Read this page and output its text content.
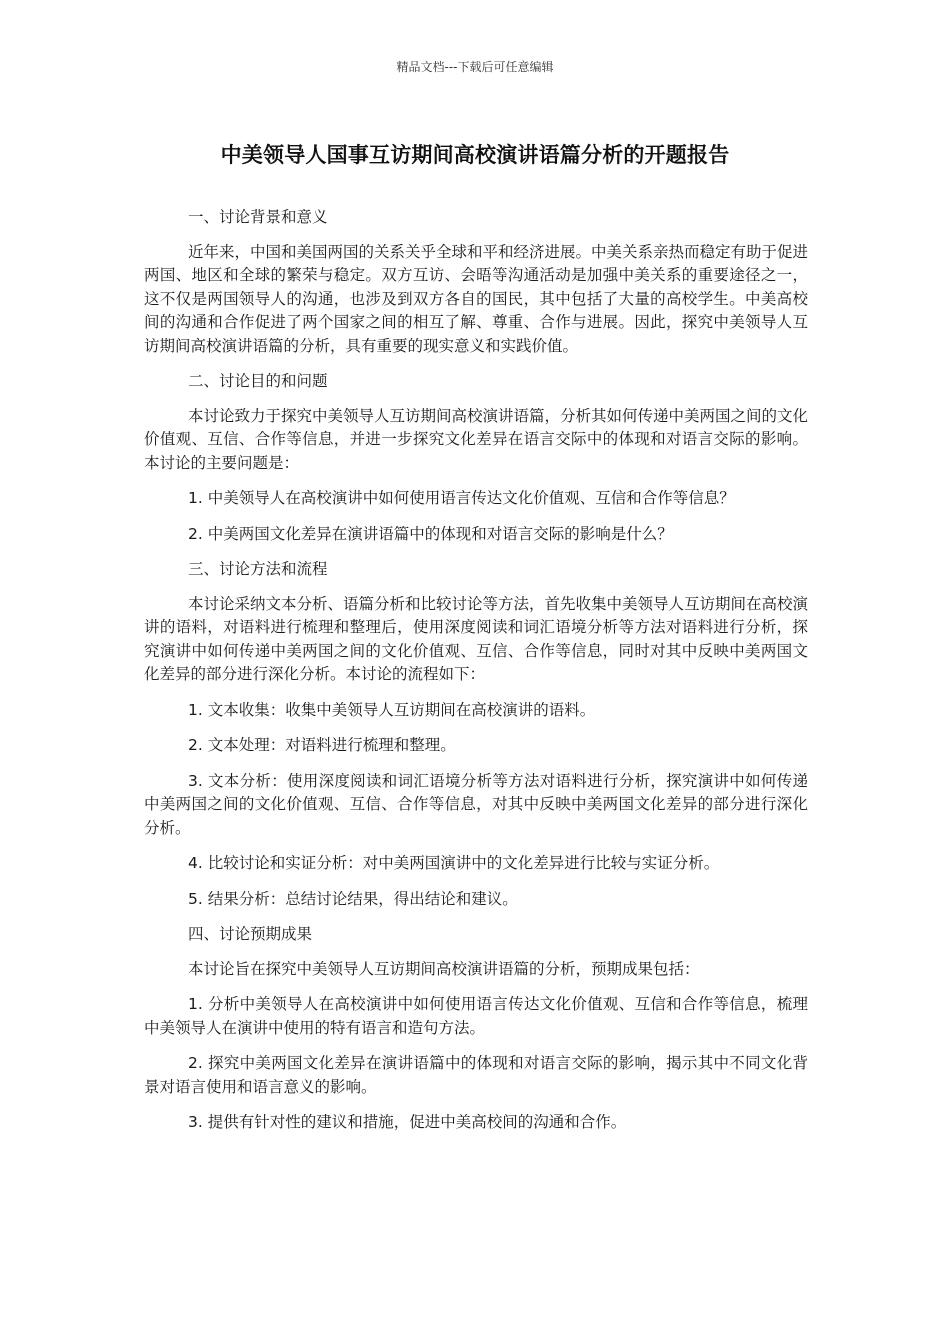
精品文档---下载后可任意编辑
中美领导人国事互访期间高校演讲语篇分析的开题报告

一、讨论背景和意义

近年来，中国和美国两国的关系关乎全球和平和经济进展。中美关系亲热而稳定有助于促进两国、地区和全球的繁荣与稳定。双方互访、会晤等沟通活动是加强中美关系的重要途径之一，这不仅是两国领导人的沟通，也涉及到双方各自的国民，其中包括了大量的高校学生。中美高校间的沟通和合作促进了两个国家之间的相互了解、尊重、合作与进展。因此，探究中美领导人互访期间高校演讲语篇的分析，具有重要的现实意义和实践价值。

二、讨论目的和问题

本讨论致力于探究中美领导人互访期间高校演讲语篇，分析其如何传递中美两国之间的文化价值观、互信、合作等信息，并进一步探究文化差异在语言交际中的体现和对语言交际的影响。本讨论的主要问题是：

1. 中美领导人在高校演讲中如何使用语言传达文化价值观、互信和合作等信息？

2. 中美两国文化差异在演讲语篇中的体现和对语言交际的影响是什么？

三、讨论方法和流程

本讨论采纳文本分析、语篇分析和比较讨论等方法，首先收集中美领导人互访期间在高校演讲的语料，对语料进行梳理和整理后，使用深度阅读和词汇语境分析等方法对语料进行分析，探究演讲中如何传递中美两国之间的文化价值观、互信、合作等信息，同时对其中反映中美两国文化差异的部分进行深化分析。本讨论的流程如下：

1. 文本收集：收集中美领导人互访期间在高校演讲的语料。

2. 文本处理：对语料进行梳理和整理。

3. 文本分析：使用深度阅读和词汇语境分析等方法对语料进行分析，探究演讲中如何传递中美两国之间的文化价值观、互信、合作等信息，对其中反映中美两国文化差异的部分进行深化分析。

4. 比较讨论和实证分析：对中美两国演讲中的文化差异进行比较与实证分析。

5. 结果分析：总结讨论结果，得出结论和建议。

四、讨论预期成果

本讨论旨在探究中美领导人互访期间高校演讲语篇的分析，预期成果包括：

1. 分析中美领导人在高校演讲中如何使用语言传达文化价值观、互信和合作等信息，梳理中美领导人在演讲中使用的特有语言和造句方法。

2. 探究中美两国文化差异在演讲语篇中的体现和对语言交际的影响，揭示其中不同文化背景对语言使用和语言意义的影响。

3. 提供有针对性的建议和措施，促进中美高校间的沟通和合作。
